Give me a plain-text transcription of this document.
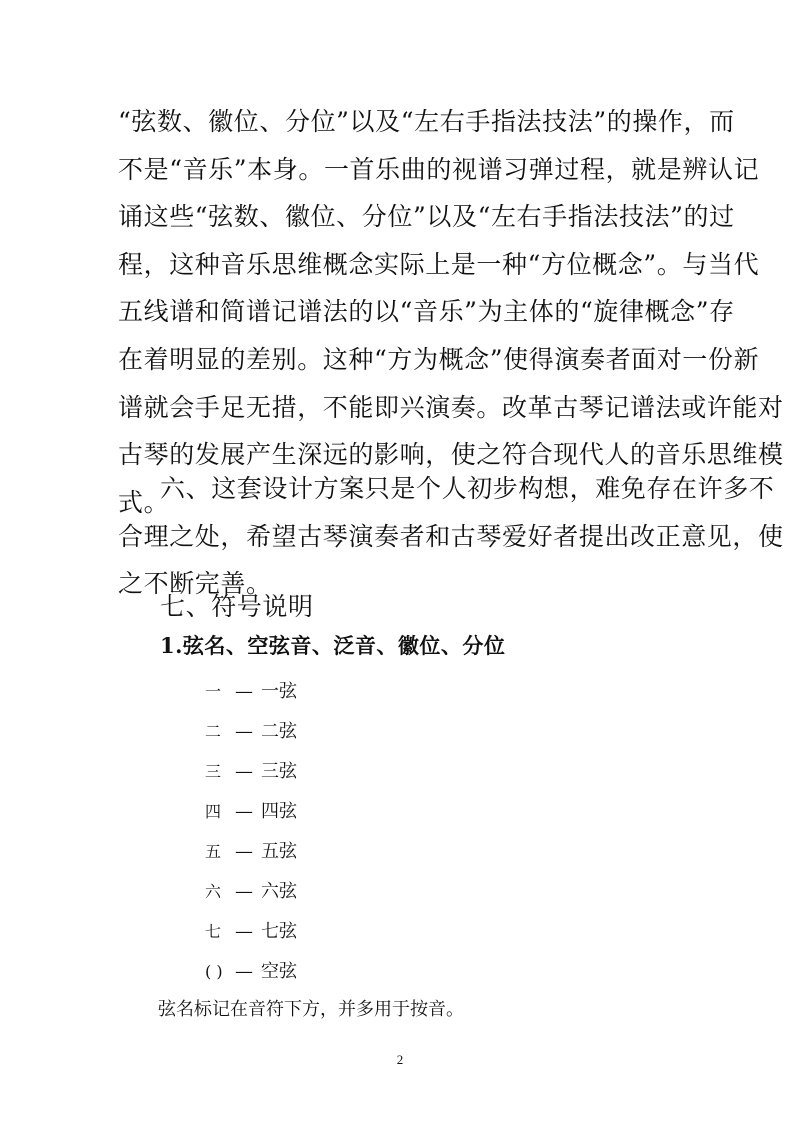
“弦数、徽位、分位”以及“左右手指法技法”的操作，而
不是“音乐”本身。一首乐曲的视谱习弹过程，就是辨认记
诵这些“弦数、徽位、分位”以及“左右手指法技法”的过
程，这种音乐思维概念实际上是一种“方位概念”。与当代
五线谱和简谱记谱法的以“音乐”为主体的“旋律概念”存
在着明显的差别。这种“方为概念”使得演奏者面对一份新
谱就会手足无措，不能即兴演奏。改革古琴记谱法或许能对
古琴的发展产生深远的影响，使之符合现代人的音乐思维模
式。
六、这套设计方案只是个人初步构想，难免存在许多不
合理之处，希望古琴演奏者和古琴爱好者提出改正意见，使
之不断完善。
七、符号说明
1.弦名、空弦音、泛音、徽位、分位
一 — 一弦
二 — 二弦
三 — 三弦
四 — 四弦
五 — 五弦
六 — 六弦
七 — 七弦
( ) — 空弦
弦名标记在音符下方，并多用于按音。
2
